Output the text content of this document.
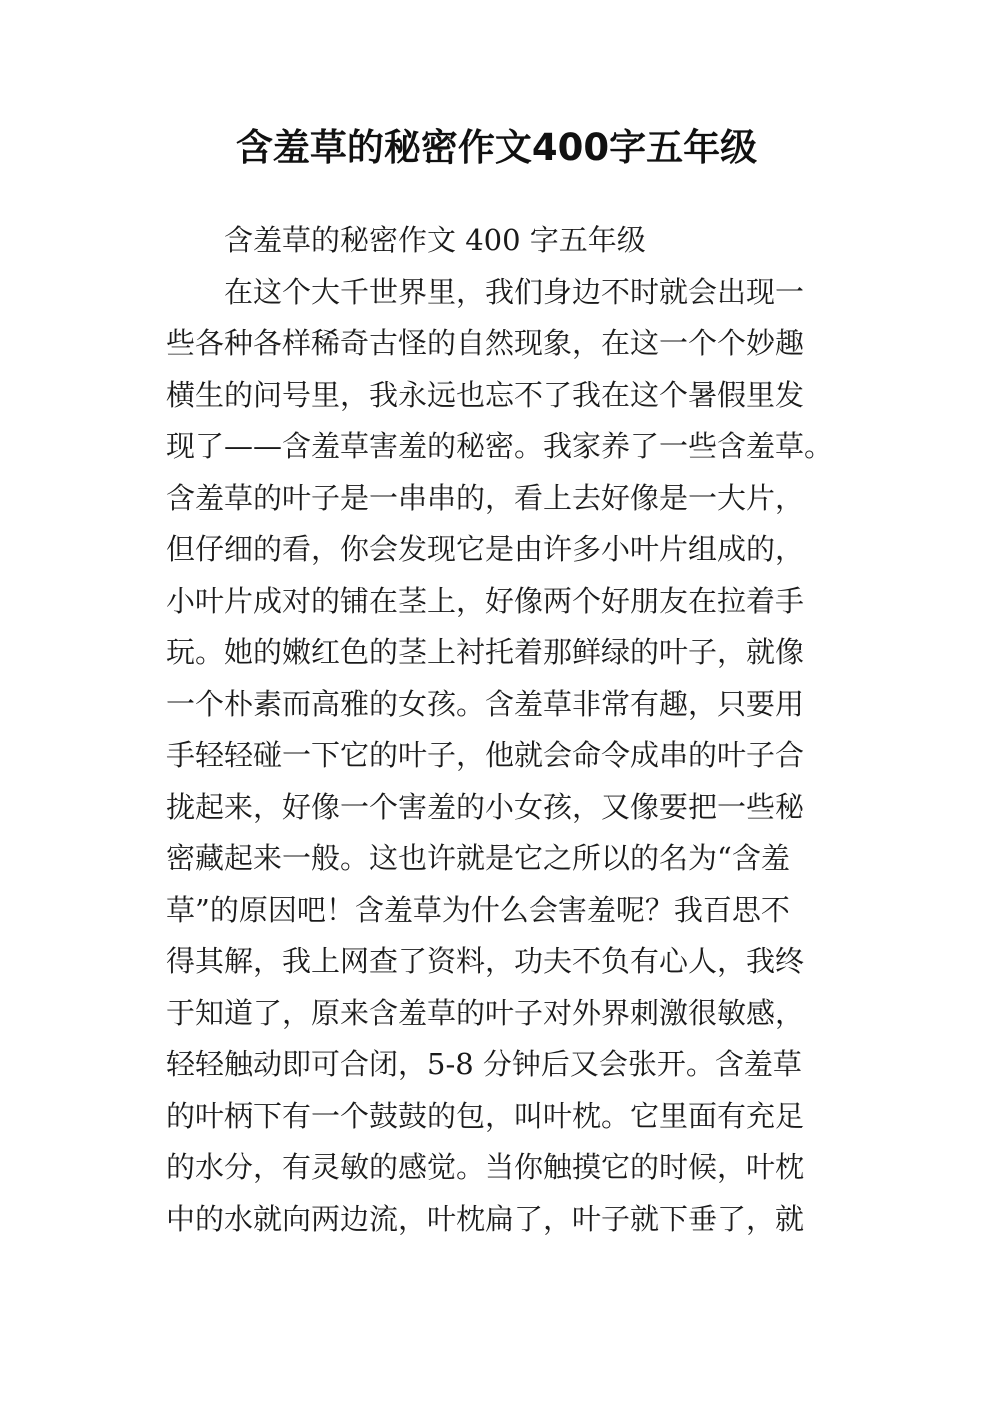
含羞草的秘密作文400字五年级
含羞草的秘密作文 400 字五年级
在这个大千世界里，我们身边不时就会出现一
些各种各样稀奇古怪的自然现象，在这一个个妙趣
横生的问号里，我永远也忘不了我在这个暑假里发
现了——含羞草害羞的秘密。我家养了一些含羞草。
含羞草的叶子是一串串的，看上去好像是一大片，
但仔细的看，你会发现它是由许多小叶片组成的，
小叶片成对的铺在茎上，好像两个好朋友在拉着手
玩。她的嫩红色的茎上衬托着那鲜绿的叶子，就像
一个朴素而高雅的女孩。含羞草非常有趣，只要用
手轻轻碰一下它的叶子，他就会命令成串的叶子合
拢起来，好像一个害羞的小女孩，又像要把一些秘
密藏起来一般。这也许就是它之所以的名为“含羞
草”的原因吧！含羞草为什么会害羞呢？我百思不
得其解，我上网查了资料，功夫不负有心人，我终
于知道了，原来含羞草的叶子对外界刺激很敏感，
轻轻触动即可合闭，5-8 分钟后又会张开。含羞草
的叶柄下有一个鼓鼓的包，叫叶枕。它里面有充足
的水分，有灵敏的感觉。当你触摸它的时候，叶枕
中的水就向两边流，叶枕扁了，叶子就下垂了，就
